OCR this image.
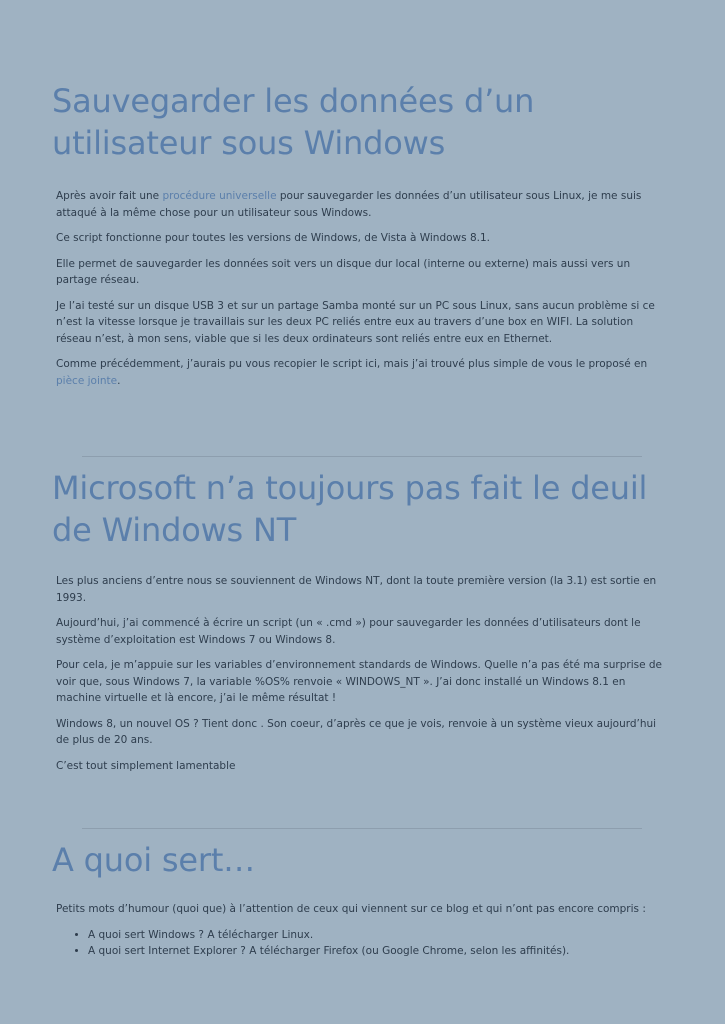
Sauvegarder les données d’un utilisateur sous Windows

Après avoir fait une procédure universelle pour sauvegarder les données d’un utilisateur sous Linux, je me suis attaqué à la même chose pour un utilisateur sous Windows.

Ce script fonctionne pour toutes les versions de Windows, de Vista à Windows 8.1.

Elle permet de sauvegarder les données soit vers un disque dur local (interne ou externe) mais aussi vers un partage réseau.

Je l’ai testé sur un disque USB 3 et sur un partage Samba monté sur un PC sous Linux, sans aucun problème si ce n’est la vitesse lorsque je travaillais sur les deux PC reliés entre eux au travers d’une box en WIFI. La solution réseau n’est, à mon sens, viable que si les deux ordinateurs sont reliés entre eux en Ethernet.

Comme précédemment, j’aurais pu vous recopier le script ici, mais j’ai trouvé plus simple de vous le proposé en pièce jointe.

Microsoft n’a toujours pas fait le deuil de Windows NT

Les plus anciens d’entre nous se souviennent de Windows NT, dont la toute première version (la 3.1) est sortie en 1993.

Aujourd’hui, j’ai commencé à écrire un script (un « .cmd ») pour sauvegarder les données d’utilisateurs dont le système d’exploitation est Windows 7 ou Windows 8.

Pour cela, je m’appuie sur les variables d’environnement standards de Windows. Quelle n’a pas été ma surprise de voir que, sous Windows 7, la variable %OS% renvoie « WINDOWS_NT ». J’ai donc installé un Windows 8.1 en machine virtuelle et là encore, j’ai le même résultat !

Windows 8, un nouvel OS ? Tient donc . Son coeur, d’après ce que je vois, renvoie à un système vieux aujourd’hui de plus de 20 ans.

C’est tout simplement lamentable

A quoi sert…

Petits mots d’humour (quoi que) à l’attention de ceux qui viennent sur ce blog et qui n’ont pas encore compris :

• A quoi sert Windows ? A télécharger Linux.
• A quoi sert Internet Explorer ? A télécharger Firefox (ou Google Chrome, selon les affinités).
